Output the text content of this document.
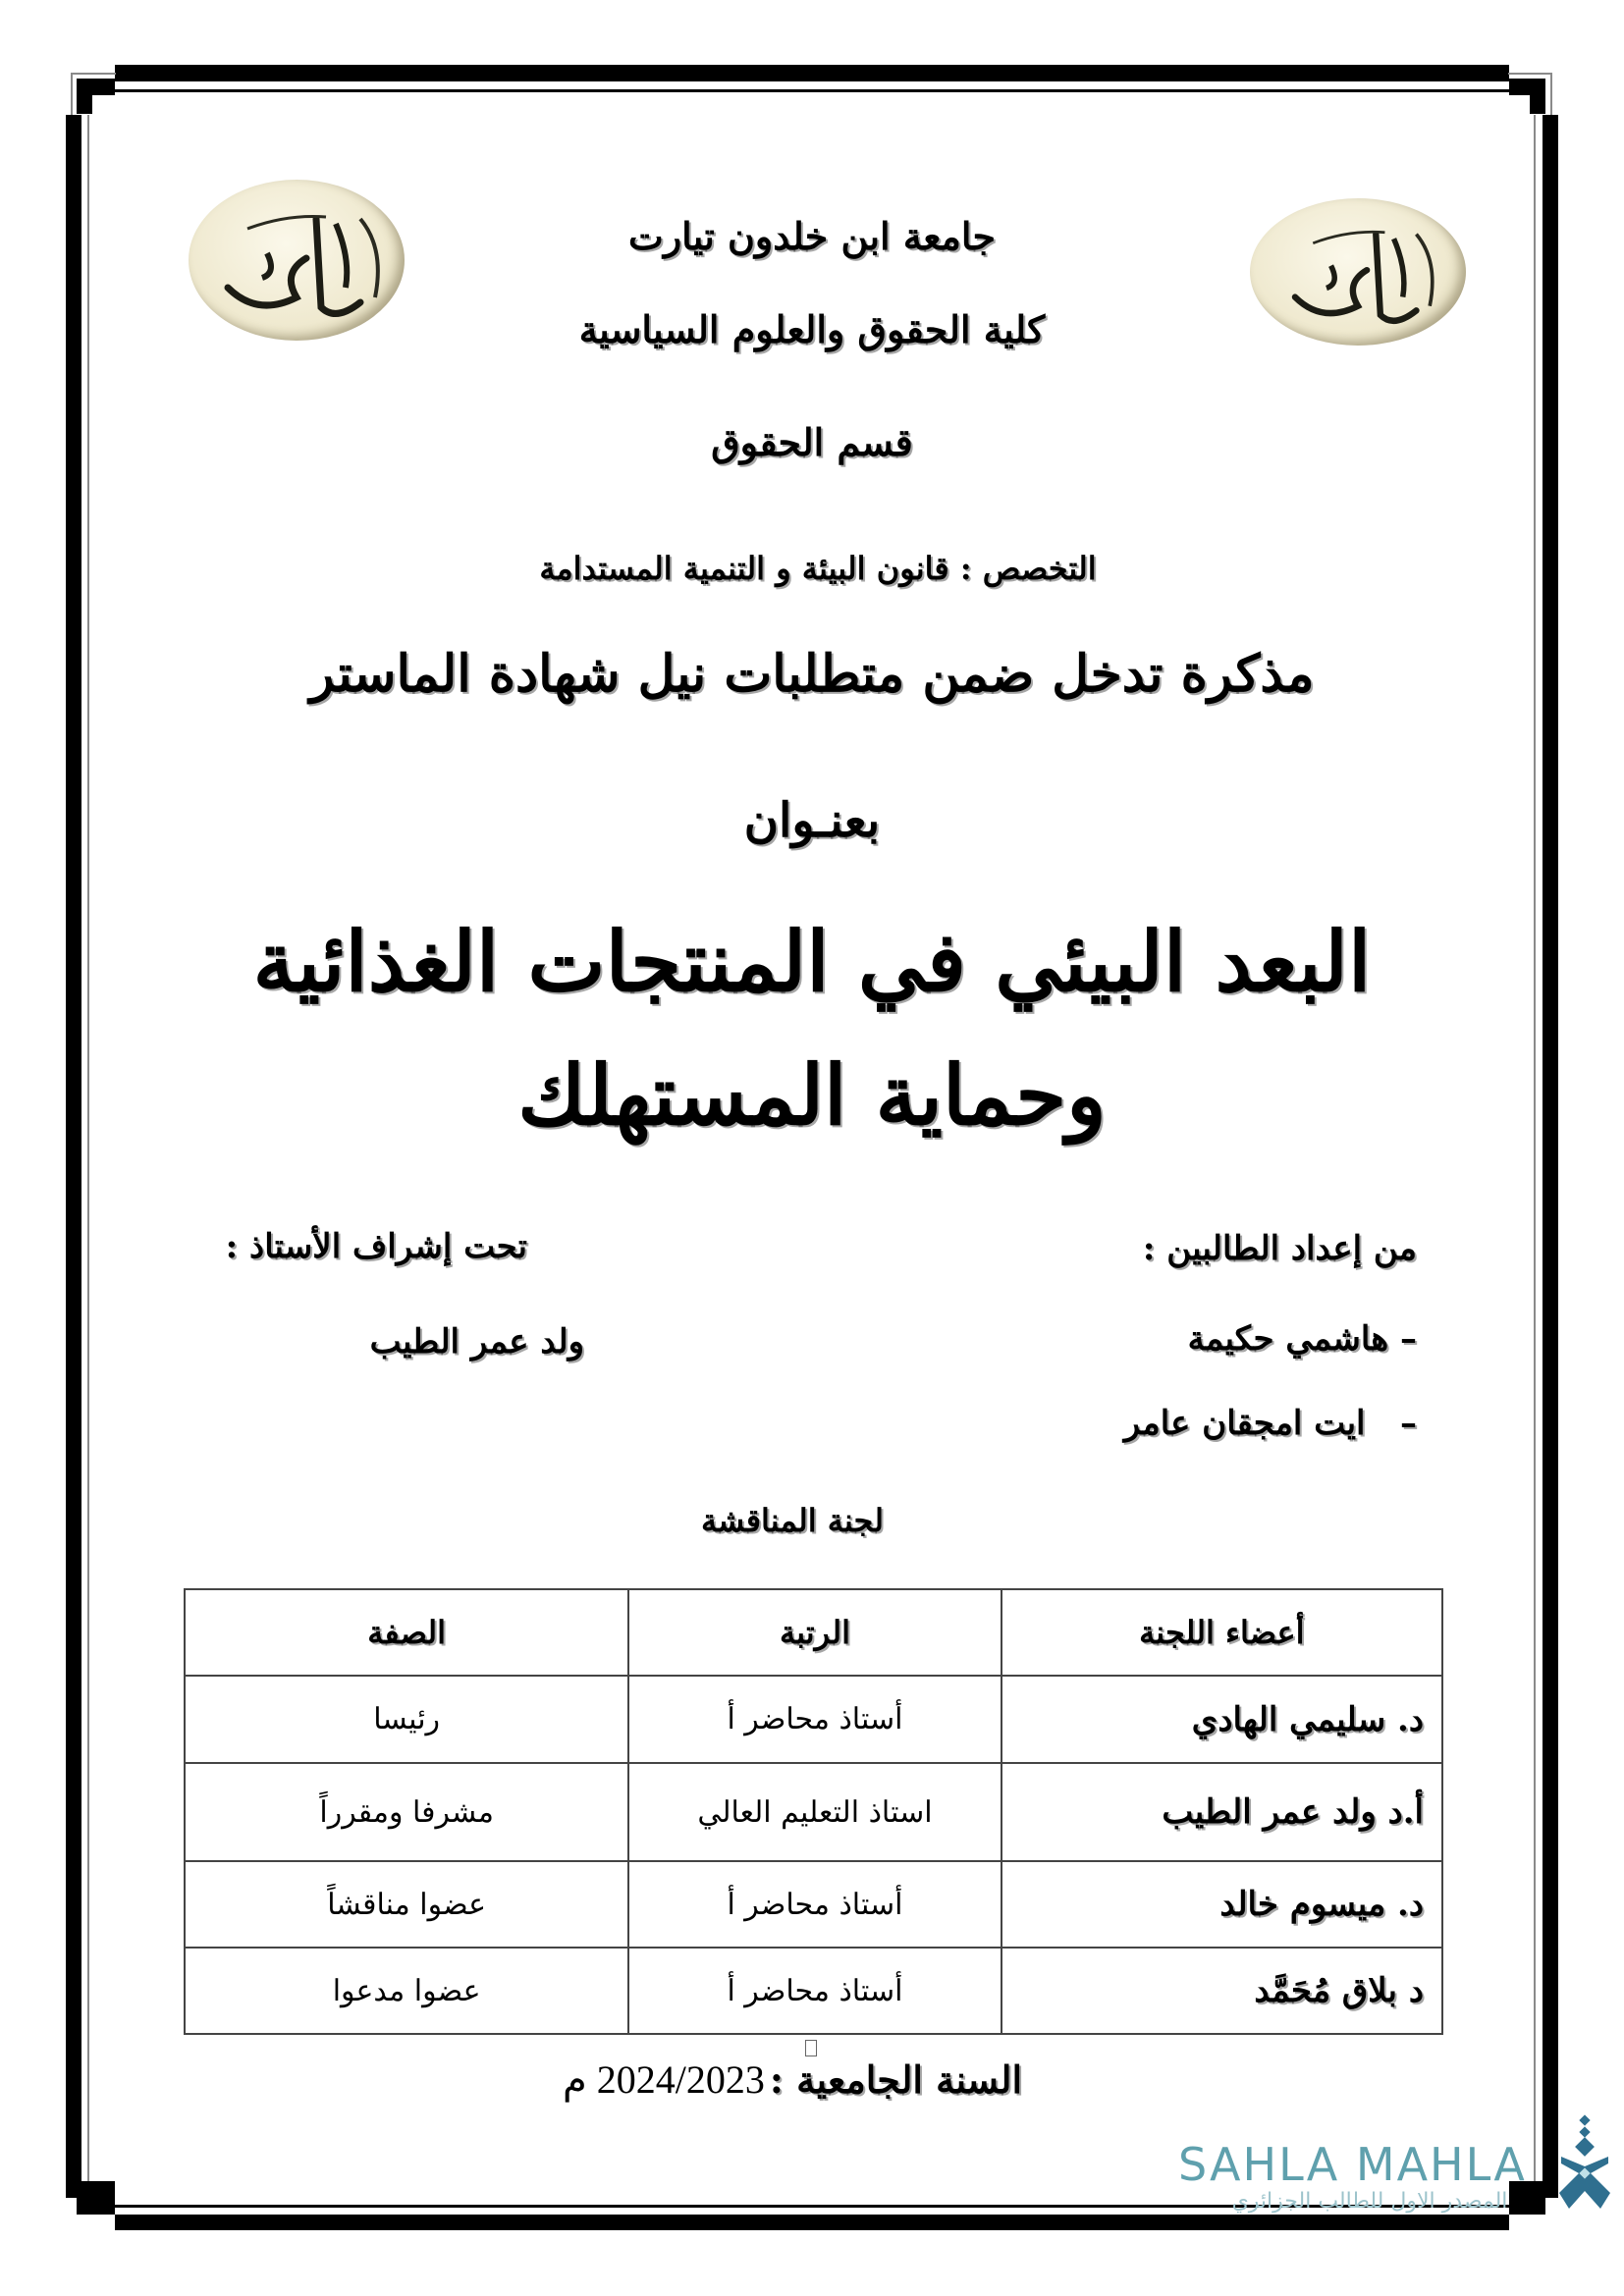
جامعة ابن خلدون تيارت
كلية الحقوق والعلوم السياسية
قسم الحقوق
التخصص : قانون البيئة و التنمية المستدامة
مذكرة تدخل ضمن متطلبات نيل شهادة الماستر
بعنـوان
البعد البيئي في المنتجات الغذائية
وحماية المستهلك
من إعداد الطالبين :
– هاشمي حكيمة
–   ايت امجقان عامر
تحت إشراف الأستاذ :
ولد عمر الطيب
لجنة المناقشة
أعضاء اللجنة	الرتبة	الصفة
د. سليمي الهادي	أستاذ محاضر أ	رئيسا
أ.د ولد عمر الطيب	استاذ التعليم العالي	مشرفا ومقرراً
د. ميسوم خالد	أستاذ محاضر أ	عضوا مناقشاً
د بلاق مُحَمَّد	أستاذ محاضر أ	عضوا مدعوا
السنة الجامعية : 2024/2023 م
SAHLA MAHLA
المصدر الاول للطالب الجزائري
